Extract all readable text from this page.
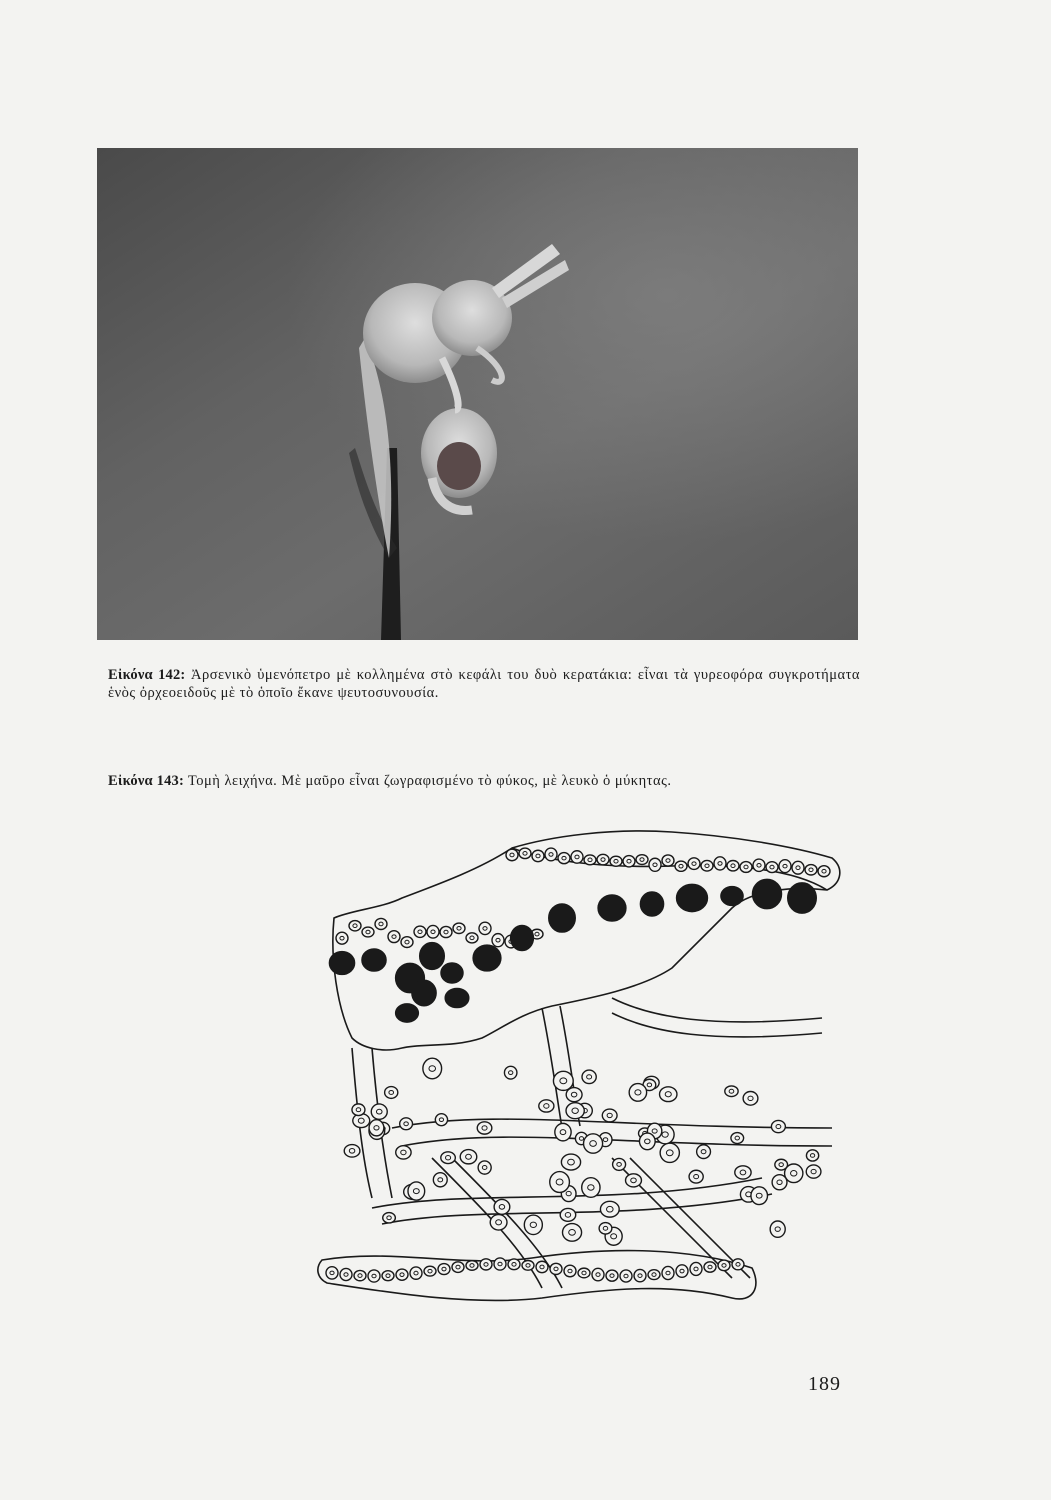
Εἰκόνα 142: Ἀρσενικὸ ὑμενόπετρο μὲ κολλημένα στὸ κεφάλι του δυὸ κερατάκια: εἶναι τὰ γυρεοφόρα συγκροτήματα ἑνὸς ὀρχεοειδοῦς μὲ τὸ ὁποῖο ἔκανε ψευτοσυνουσία.
Εἰκόνα 143: Τομὴ λειχήνα. Μὲ μαῦρο εἶναι ζωγραφισμένο τὸ φύκος, μὲ λευκὸ ὁ μύκητας.
189
